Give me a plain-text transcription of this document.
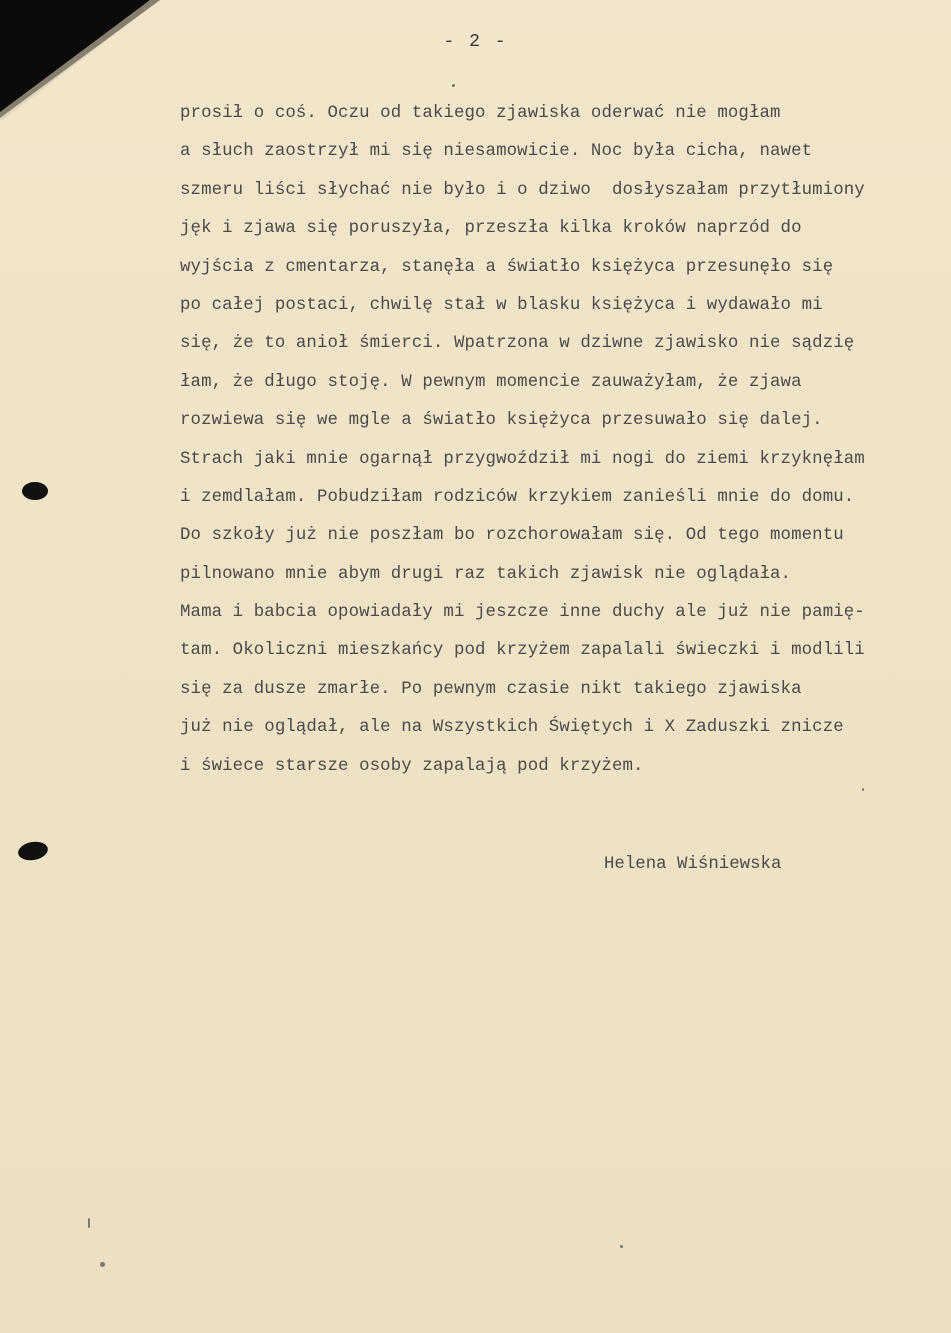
- 2 -
prosił o coś. Oczu od takiego zjawiska oderwać nie mogłam
a słuch zaostrzył mi się niesamowicie. Noc była cicha, nawet
szmeru liści słychać nie było i o dziwo  dosłyszałam przytłumiony
jęk i zjawa się poruszyła, przeszła kilka kroków naprzód do
wyjścia z cmentarza, stanęła a światło księżyca przesunęło się
po całej postaci, chwilę stał w blasku księżyca i wydawało mi
się, że to anioł śmierci. Wpatrzona w dziwne zjawisko nie sądzię
łam, że długo stoję. W pewnym momencie zauważyłam, że zjawa
rozwiewa się we mgle a światło księżyca przesuwało się dalej.
Strach jaki mnie ogarnął przygwoździł mi nogi do ziemi krzyknęłam
i zemdlałam. Pobudziłam rodziców krzykiem zanieśli mnie do domu.
Do szkoły już nie poszłam bo rozchorowałam się. Od tego momentu
pilnowano mnie abym drugi raz takich zjawisk nie oglądała.
Mama i babcia opowiadały mi jeszcze inne duchy ale już nie pamię-
tam. Okoliczni mieszkańcy pod krzyżem zapalali świeczki i modlili
się za dusze zmarłe. Po pewnym czasie nikt takiego zjawiska
już nie oglądał, ale na Wszystkich Świętych i X Zaduszki znicze
i świece starsze osoby zapalają pod krzyżem.
Helena Wiśniewska
